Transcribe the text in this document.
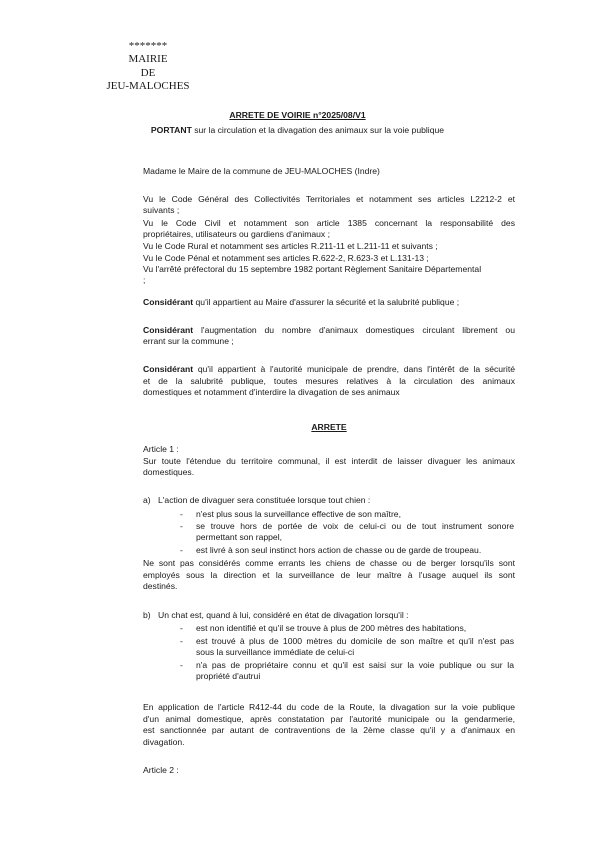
*******
MAIRIE
DE
JEU-MALOCHES
ARRETE DE VOIRIE n°2025/08/V1
PORTANT sur la circulation et la divagation des animaux sur la voie publique
Madame le Maire de la commune de JEU-MALOCHES (Indre)
Vu le Code Général des Collectivités Territoriales et notamment ses articles L2212-2 et
suivants ;
Vu le Code Civil et notamment son article 1385 concernant la responsabilité des
propriétaires, utilisateurs ou gardiens d'animaux ;
Vu le Code Rural et notamment ses articles R.211-11 et L.211-11 et suivants ;
Vu le Code Pénal et notamment ses articles R.622-2, R.623-3 et L.131-13 ;
Vu l'arrêté préfectoral du 15 septembre 1982 portant Règlement Sanitaire Départemental
;
Considérant qu'il appartient au Maire d'assurer la sécurité et la salubrité publique ;
Considérant l'augmentation du nombre d'animaux domestiques circulant librement ou
errant sur la commune ;
Considérant qu'il appartient à l'autorité municipale de prendre, dans l'intérêt de la sécurité
et de la salubrité publique, toutes mesures relatives à la circulation des animaux
domestiques et notamment d'interdire la divagation de ses animaux
ARRETE
Article 1 :
Sur toute l'étendue du territoire communal, il est interdit de laisser divaguer les animaux
domestiques.
a) L'action de divaguer sera constituée lorsque tout chien :
- n'est plus sous la surveillance effective de son maître,
- se trouve hors de portée de voix de celui-ci ou de tout instrument sonore
permettant son rappel,
- est livré à son seul instinct hors action de chasse ou de garde de troupeau.
Ne sont pas considérés comme errants les chiens de chasse ou de berger lorsqu'ils sont
employés sous la direction et la surveillance de leur maître à l'usage auquel ils sont
destinés.
b) Un chat est, quand à lui, considéré en état de divagation lorsqu'il :
- est non identifié et qu'il se trouve à plus de 200 mètres des habitations,
- est trouvé à plus de 1000 mètres du domicile de son maître et qu'il n'est pas
sous la surveillance immédiate de celui-ci
- n'a pas de propriétaire connu et qu'il est saisi sur la voie publique ou sur la
propriété d'autrui
En application de l'article R412-44 du code de la Route, la divagation sur la voie publique
d'un animal domestique, après constatation par l'autorité municipale ou la gendarmerie,
est sanctionnée par autant de contraventions de la 2ème classe qu'il y a d'animaux en
divagation.
Article 2 :
